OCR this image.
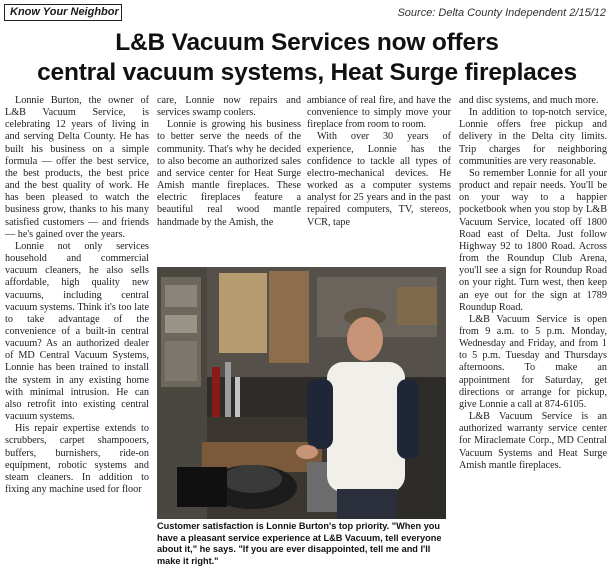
Know Your Neighbor	Source: Delta County Independent 2/15/12
L&B Vacuum Services now offers
central vacuum systems, Heat Surge fireplaces

Lonnie Burton, the owner of L&B Vacuum Service, is celebrating 12 years of living in and serving Delta County. He has built his business on a simple formula — offer the best service, the best products, the best price and the best quality of work. He has been pleased to watch the business grow, thanks to his many satisfied customers — and friends — he's gained over the years.

Lonnie not only services household and commercial vacuum cleaners, he also sells affordable, high quality new vacuums, including central vacuum systems. Think it's too late to take advantage of the convenience of a built-in central vacuum? As an authorized dealer of MD Central Vacuum Systems, Lonnie has been trained to install the system in any existing home with minimal intrusion. He can also retrofit into existing central vacuum systems.

His repair expertise extends to scrubbers, carpet shampooers, buffers, burnishers, ride-on equipment, robotic systems and steam cleaners. In addition to fixing any machine used for floor

care, Lonnie now repairs and services swamp coolers.

Lonnie is growing his business to better serve the needs of the community. That's why he decided to also become an authorized sales and service center for Heat Surge Amish mantle fireplaces. These electric fireplaces feature a beautiful real wood mantle handmade by the Amish, the

ambiance of real fire, and have the convenience to simply move your fireplace from room to room.

With over 30 years of experience, Lonnie has the confidence to tackle all types of electro-mechanical devices. He worked as a computer systems analyst for 25 years and in the past repaired computers, TV, stereos, VCR, tape

and disc systems, and much more.

In addition to top-notch service, Lonnie offers free pickup and delivery in the Delta city limits. Trip charges for neighboring communities are very reasonable.

So remember Lonnie for all your product and repair needs. You'll be on your way to a happier pocketbook when you stop by L&B Vacuum Service, located off 1800 Road east of Delta. Just follow Highway 92 to 1800 Road. Across from the Roundup Club Arena, you'll see a sign for Roundup Road on your right. Turn west, then keep an eye out for the sign at 1789 Roundup Road.

L&B Vacuum Service is open from 9 a.m. to 5 p.m. Monday, Wednesday and Friday, and from 1 to 5 p.m. Tuesday and Thursdays afternoons. To make an appointment for Saturday, get directions or arrange for pickup, give Lonnie a call at 874-6105.

L&B Vacuum Service is an authorized warranty service center for Miraclemate Corp., MD Central Vacuum Systems and Heat Surge Amish mantle fireplaces.

Customer satisfaction is Lonnie Burton's top priority. "When you have a pleasant service experience at L&B Vacuum, tell everyone about it," he says. "If you are ever disappointed, tell me and I'll make it right."
